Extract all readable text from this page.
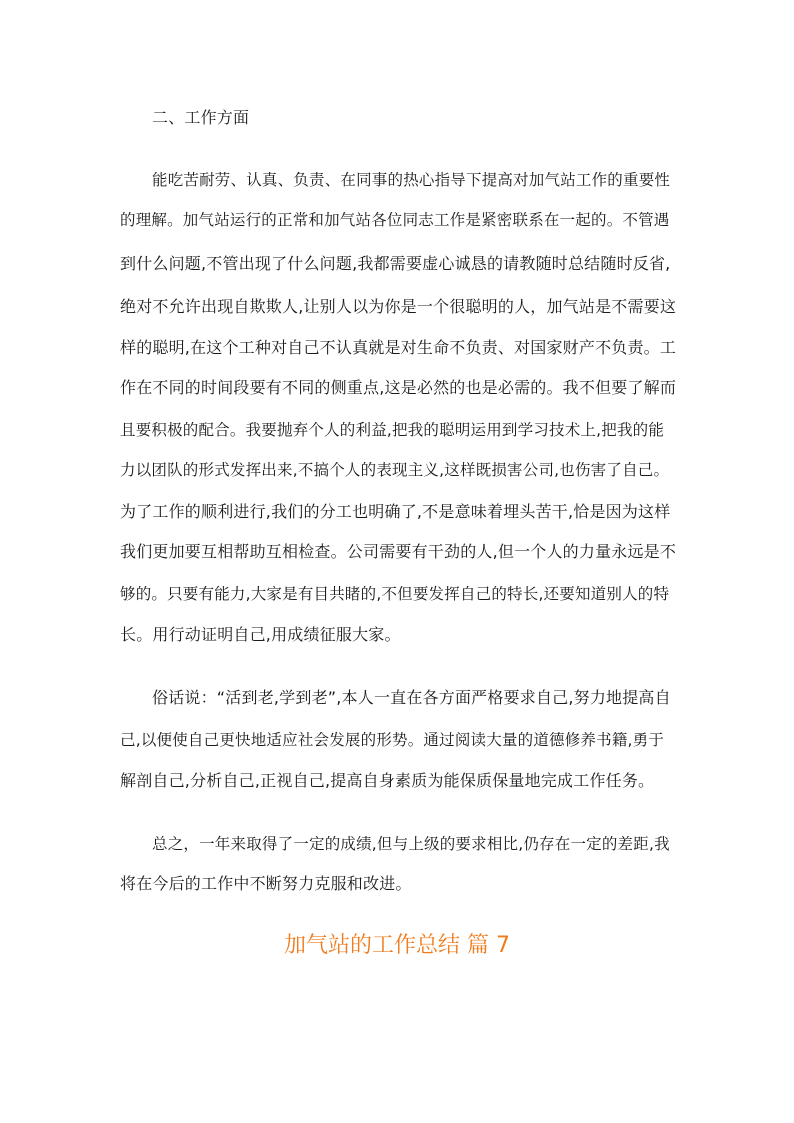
二、工作方面
能吃苦耐劳、认真、负责、在同事的热心指导下提高对加气站工作的重要性
的理解。加气站运行的正常和加气站各位同志工作是紧密联系在一起的。不管遇
到什么问题,不管出现了什么问题,我都需要虚心诚恳的请教随时总结随时反省,
绝对不允许出现自欺欺人,让别人以为你是一个很聪明的人，加气站是不需要这
样的聪明,在这个工种对自己不认真就是对生命不负责、对国家财产不负责。工
作在不同的时间段要有不同的侧重点,这是必然的也是必需的。我不但要了解而
且要积极的配合。我要抛弃个人的利益,把我的聪明运用到学习技术上,把我的能
力以团队的形式发挥出来,不搞个人的表现主义,这样既损害公司,也伤害了自己。
为了工作的顺利进行,我们的分工也明确了,不是意味着埋头苦干,恰是因为这样
我们更加要互相帮助互相检查。公司需要有干劲的人,但一个人的力量永远是不
够的。只要有能力,大家是有目共睹的,不但要发挥自己的特长,还要知道别人的特
长。用行动证明自己,用成绩征服大家。
俗话说：“活到老,学到老”,本人一直在各方面严格要求自己,努力地提高自
己,以便使自己更快地适应社会发展的形势。通过阅读大量的道德修养书籍,勇于
解剖自己,分析自己,正视自己,提高自身素质为能保质保量地完成工作任务。
总之，一年来取得了一定的成绩,但与上级的要求相比,仍存在一定的差距,我
将在今后的工作中不断努力克服和改进。
加气站的工作总结 篇 7
